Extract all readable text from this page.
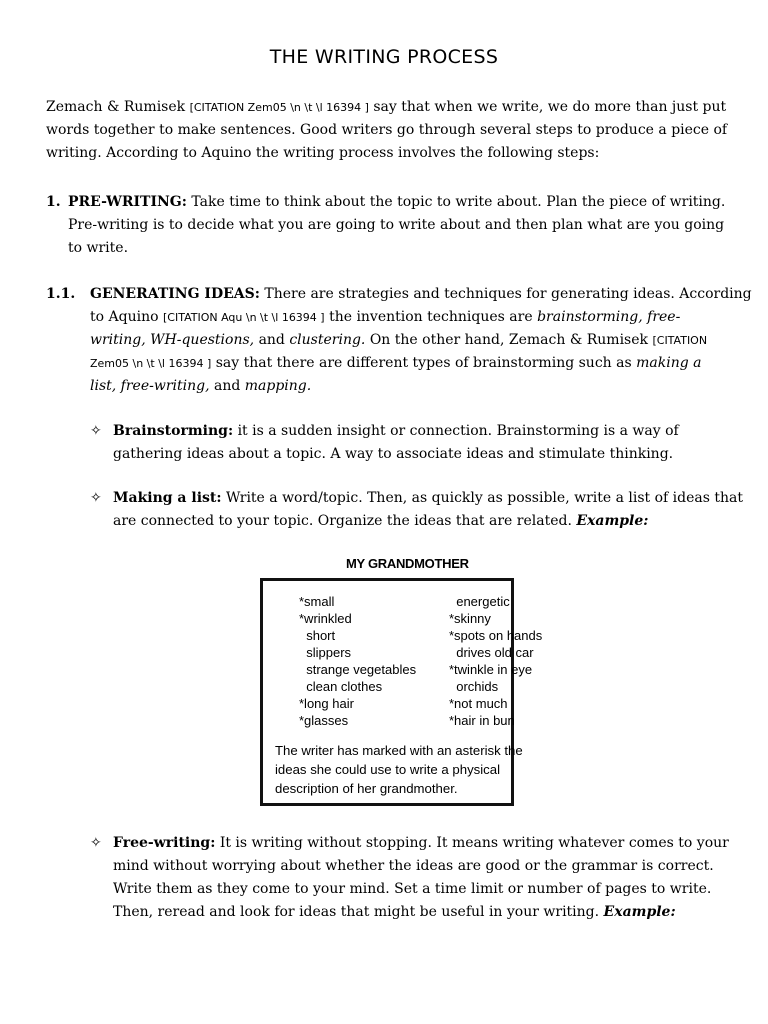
THE WRITING PROCESS
Zemach & Rumisek [CITATION Zem05 \n \t \l 16394 ] say that when we write, we do more than just put
words together to make sentences. Good writers go through several steps to produce a piece of
writing. According to Aquino the writing process involves the following steps:
1. PRE-WRITING: Take time to think about the topic to write about. Plan the piece of writing.
Pre-writing is to decide what you are going to write about and then plan what are you going
to write.
1.1. GENERATING IDEAS: There are strategies and techniques for generating ideas. According
to Aquino [CITATION Aqu \n \t \l 16394 ] the invention techniques are brainstorming, free-
writing, WH-questions, and clustering. On the other hand, Zemach & Rumisek [CITATION
Zem05 \n \t \l 16394 ] say that there are different types of brainstorming such as making a
list, free-writing, and mapping.
✧ Brainstorming: it is a sudden insight or connection. Brainstorming is a way of
gathering ideas about a topic. A way to associate ideas and stimulate thinking.
✧ Making a list: Write a word/topic. Then, as quickly as possible, write a list of ideas that
are connected to your topic. Organize the ideas that are related. Example:
MY GRANDMOTHER
*small
*wrinkled
short
slippers
strange vegetables
clean clothes
*long hair
*glasses
energetic
*skinny
*spots on hands
drives old car
*twinkle in eye
orchids
*not much
*hair in bun
The writer has marked with an asterisk the
ideas she could use to write a physical
description of her grandmother.
✧ Free-writing: It is writing without stopping. It means writing whatever comes to your
mind without worrying about whether the ideas are good or the grammar is correct.
Write them as they come to your mind. Set a time limit or number of pages to write.
Then, reread and look for ideas that might be useful in your writing. Example:
